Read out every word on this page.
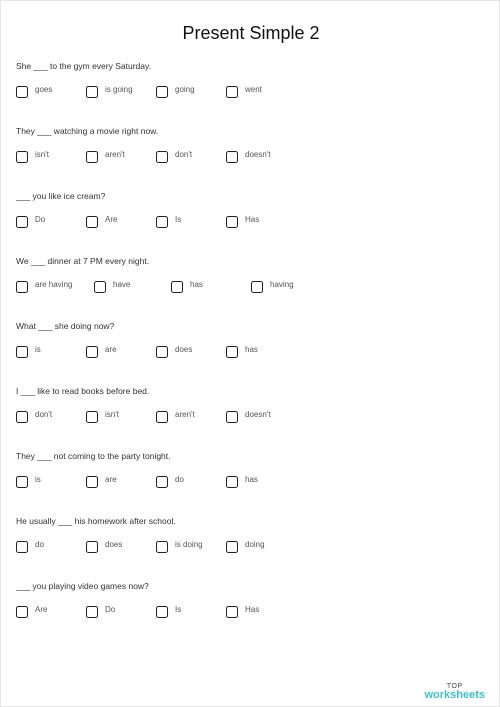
Present Simple 2
She ___ to the gym every Saturday.
goes	is going	going	went
They ___ watching a movie right now.
isn't	aren't	don't	doesn't
___ you like ice cream?
Do	Are	Is	Has
We ___ dinner at 7 PM every night.
are having	have	has	having
What ___ she doing now?
is	are	does	has
I ___ like to read books before bed.
don't	isn't	aren't	doesn't
They ___ not coming to the party tonight.
is	are	do	has
He usually ___ his homework after school.
do	does	is doing	doing
___ you playing video games now?
Are	Do	Is	Has
TOP
worksheets
